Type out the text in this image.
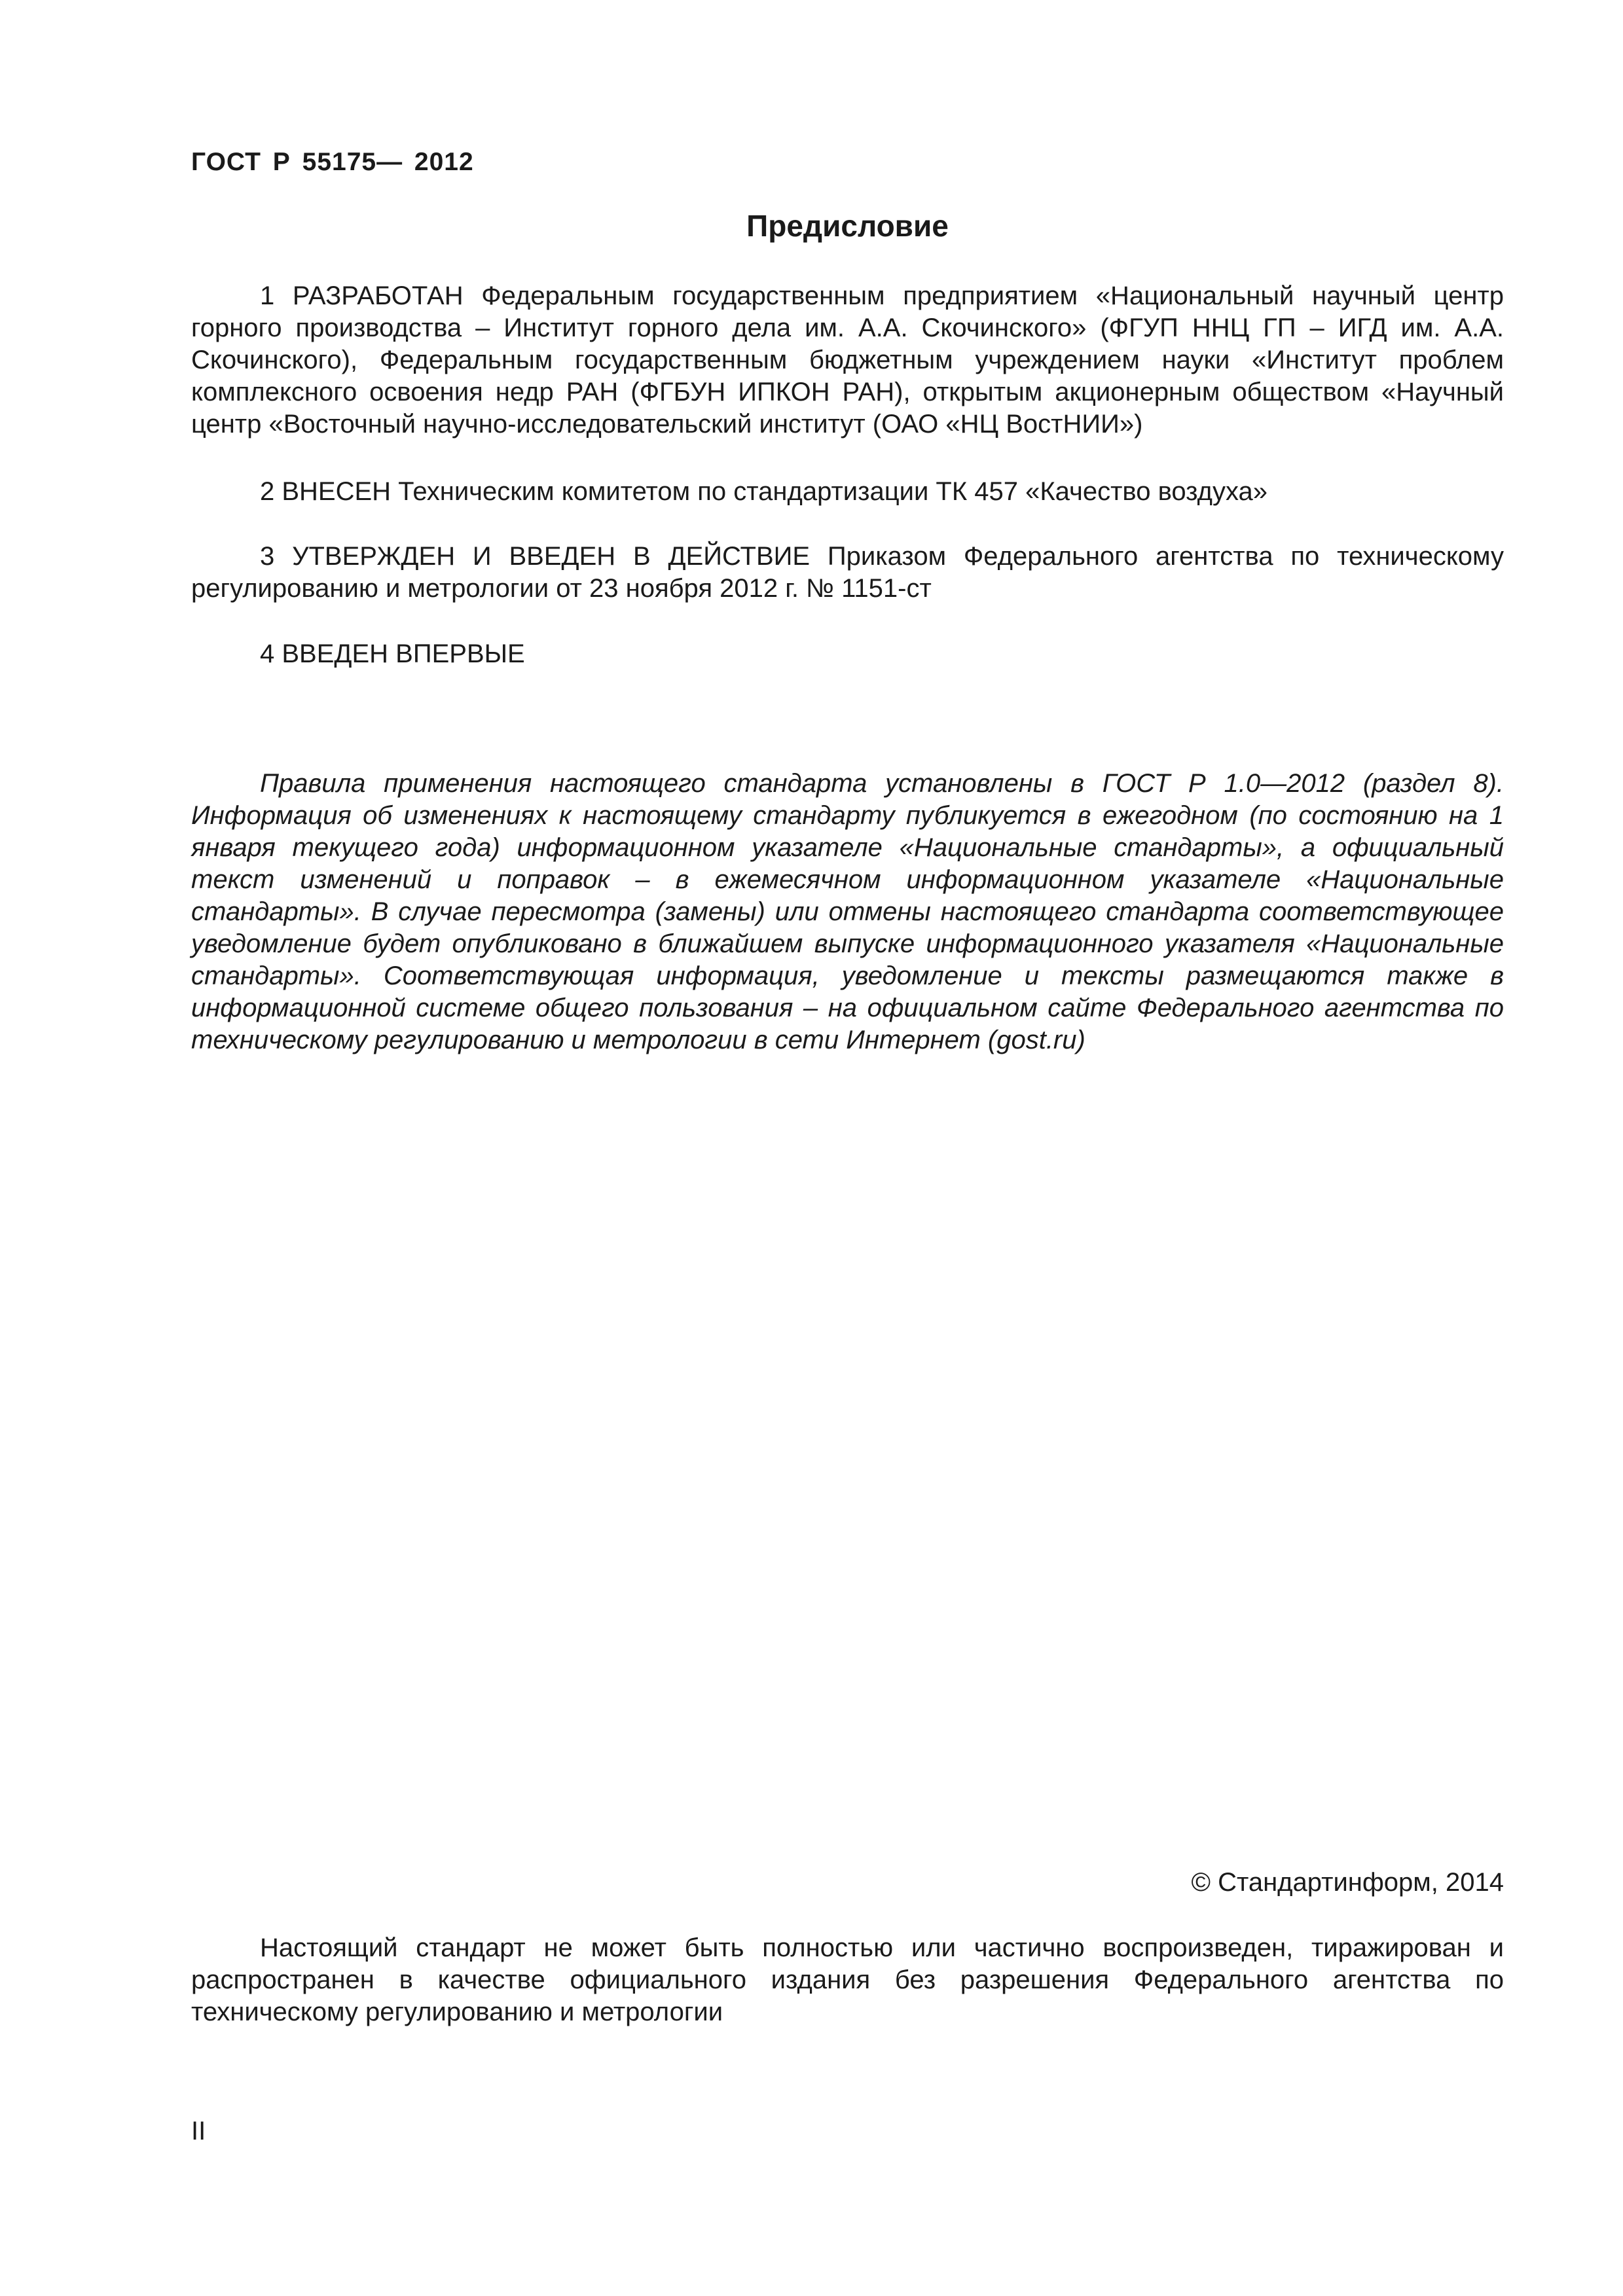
ГОСТ Р 55175— 2012
Предисловие

1 РАЗРАБОТАН Федеральным государственным предприятием «Национальный научный центр горного производства – Институт горного дела им. А.А. Скочинского» (ФГУП ННЦ ГП – ИГД им. А.А. Скочинского), Федеральным государственным бюджетным учреждением науки «Институт проблем комплексного освоения недр РАН (ФГБУН ИПКОН РАН), открытым акционерным обществом «Научный центр «Восточный научно-исследовательский институт (ОАО «НЦ ВостНИИ»)

2 ВНЕСЕН Техническим комитетом по стандартизации ТК 457 «Качество воздуха»

3 УТВЕРЖДЕН И ВВЕДЕН В ДЕЙСТВИЕ Приказом Федерального агентства по техническому регулированию и метрологии от 23 ноября 2012 г. № 1151-ст

4 ВВЕДЕН ВПЕРВЫЕ

Правила применения настоящего стандарта установлены в ГОСТ Р 1.0—2012 (раздел 8). Информация об изменениях к настоящему стандарту публикуется в ежегодном (по состоянию на 1 января текущего года) информационном указателе «Национальные стандарты», а официальный текст изменений и поправок – в ежемесячном информационном указателе «Национальные стандарты». В случае пересмотра (замены) или отмены настоящего стандарта соответствующее уведомление будет опубликовано в ближайшем выпуске информационного указателя «Национальные стандарты». Соответствующая информация, уведомление и тексты размещаются также в информационной системе общего пользования – на официальном сайте Федерального агентства по техническому регулированию и метрологии в сети Интернет (gost.ru)

© Стандартинформ, 2014

Настоящий стандарт не может быть полностью или частично воспроизведен, тиражирован и распространен в качестве официального издания без разрешения Федерального агентства по техническому регулированию и метрологии

II
